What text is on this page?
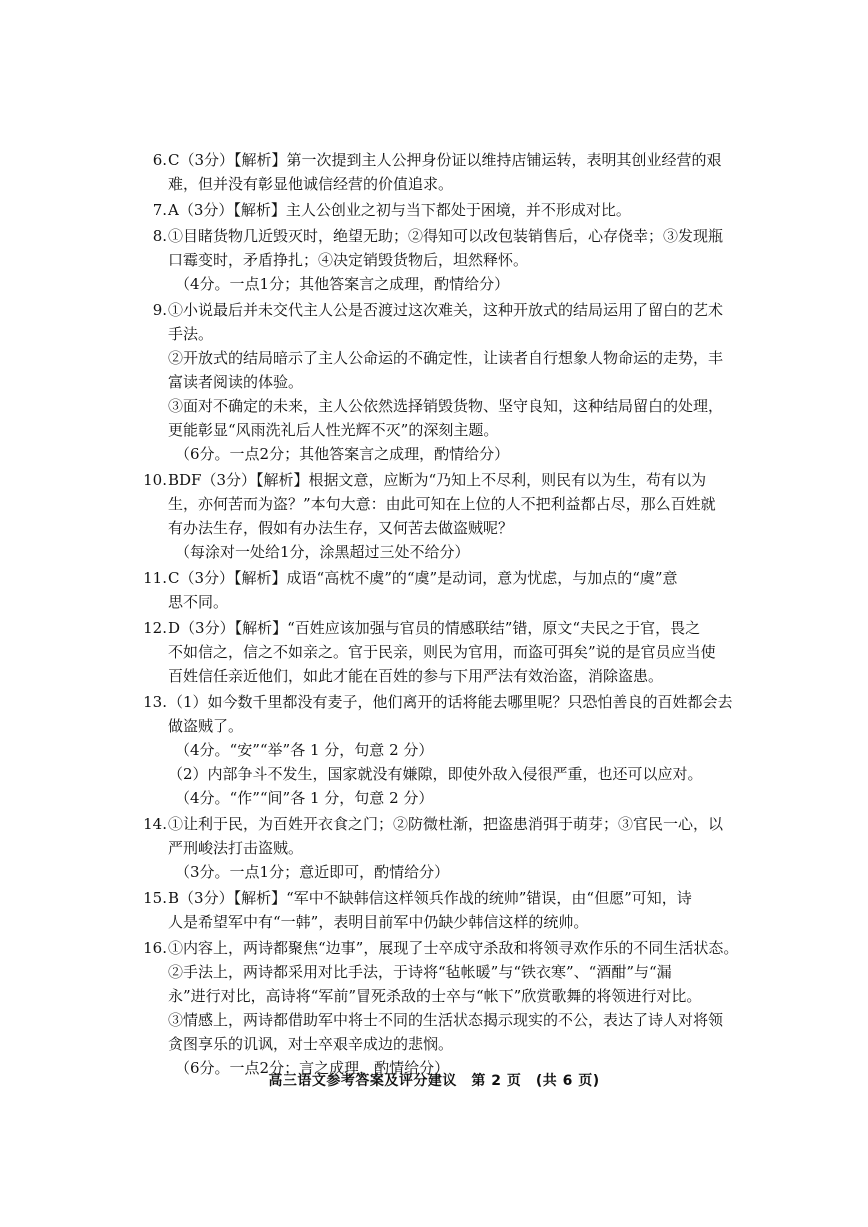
6. C（3分）【解析】第一次提到主人公押身份证以维持店铺运转，表明其创业经营的艰
难，但并没有彰显他诚信经营的价值追求。
7. A（3分）【解析】主人公创业之初与当下都处于困境，并不形成对比。
8. ①目睹货物几近毁灭时，绝望无助；②得知可以改包装销售后，心存侥幸；③发现瓶
口霉变时，矛盾挣扎；④决定销毁货物后，坦然释怀。
（4分。一点1分；其他答案言之成理，酌情给分）
9. ①小说最后并未交代主人公是否渡过这次难关，这种开放式的结局运用了留白的艺术
手法。
②开放式的结局暗示了主人公命运的不确定性，让读者自行想象人物命运的走势，丰
富读者阅读的体验。
③面对不确定的未来，主人公依然选择销毁货物、坚守良知，这种结局留白的处理，
更能彰显“风雨洗礼后人性光辉不灭”的深刻主题。
（6分。一点2分；其他答案言之成理，酌情给分）
10. BDF（3分）【解析】根据文意，应断为“乃知上不尽利，则民有以为生，苟有以为
生，亦何苦而为盗？”本句大意：由此可知在上位的人不把利益都占尽，那么百姓就
有办法生存，假如有办法生存，又何苦去做盗贼呢？
（每涂对一处给1分，涂黑超过三处不给分）
11. C（3分）【解析】成语“高枕不虞”的“虞”是动词，意为忧虑，与加点的“虞”意
思不同。
12. D（3分）【解析】“百姓应该加强与官员的情感联结”错，原文“夫民之于官，畏之
不如信之，信之不如亲之。官于民亲，则民为官用，而盗可弭矣”说的是官员应当使
百姓信任亲近他们，如此才能在百姓的参与下用严法有效治盗，消除盗患。
13. （1）如今数千里都没有麦子，他们离开的话将能去哪里呢？只恐怕善良的百姓都会去
做盗贼了。
（4分。“安”“举”各 1 分，句意 2 分）
（2）内部争斗不发生，国家就没有嫌隙，即使外敌入侵很严重，也还可以应对。
（4分。“作”“间”各 1 分，句意 2 分）
14. ①让利于民，为百姓开衣食之门；②防微杜渐，把盗患消弭于萌芽；③官民一心，以
严刑峻法打击盗贼。
（3分。一点1分；意近即可，酌情给分）
15. B（3分）【解析】“军中不缺韩信这样领兵作战的统帅”错误，由“但愿”可知，诗
人是希望军中有“一韩”，表明目前军中仍缺少韩信这样的统帅。
16. ①内容上，两诗都聚焦“边事”，展现了士卒成守杀敌和将领寻欢作乐的不同生活状态。
②手法上，两诗都采用对比手法，于诗将“毡帐暖”与“铁衣寒”、“酒酣”与“漏
永”进行对比，高诗将“军前”冒死杀敌的士卒与“帐下”欣赏歌舞的将领进行对比。
③情感上，两诗都借助军中将士不同的生活状态揭示现实的不公，表达了诗人对将领
贪图享乐的讥讽，对士卒艰辛成边的悲悯。
（6分。一点2分；言之成理，酌情给分）
高三语文参考答案及评分建议　第 2 页　(共 6 页)
